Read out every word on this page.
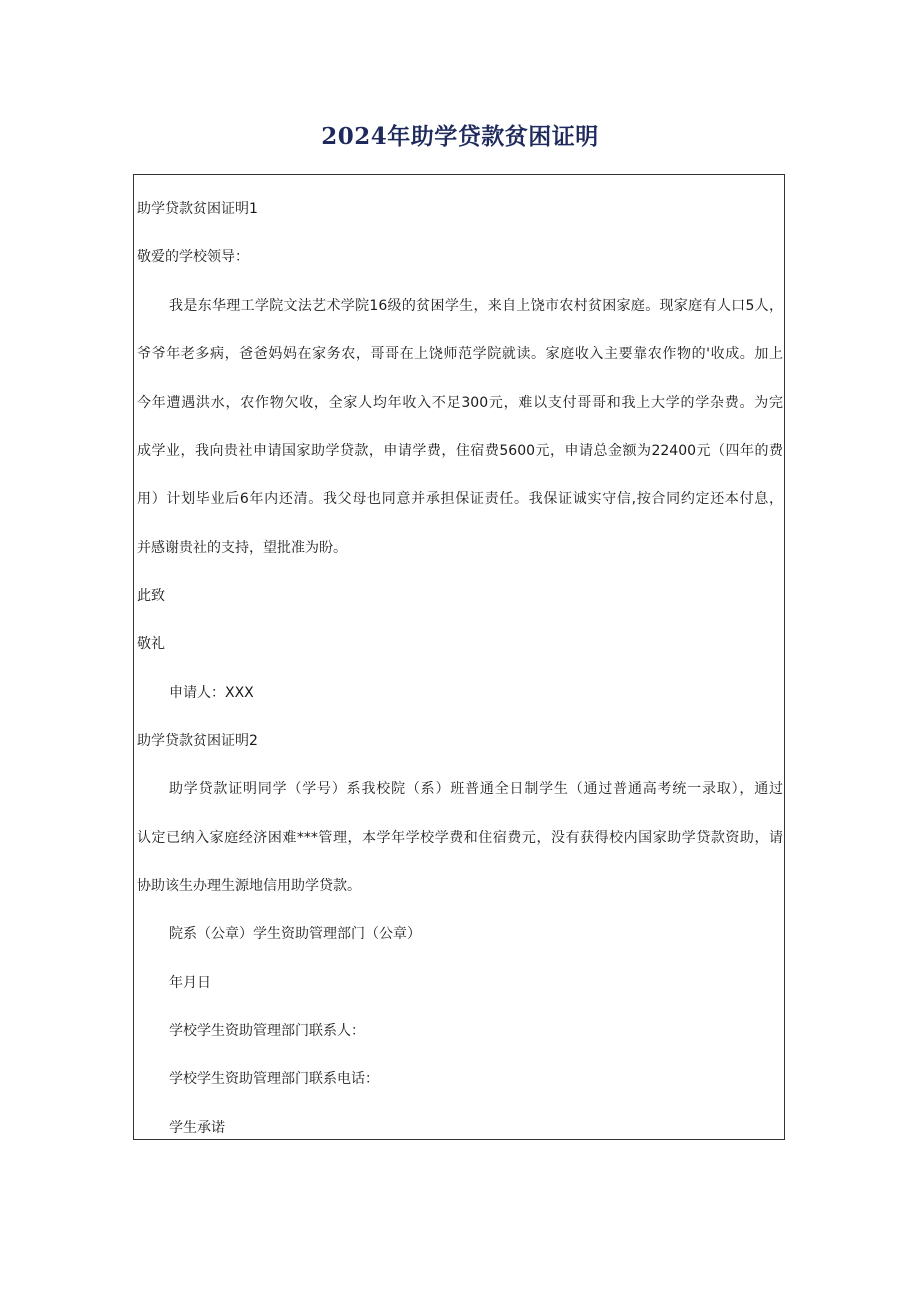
2024年助学贷款贫困证明
助学贷款贫困证明1
敬爱的学校领导：
我是东华理工学院文法艺术学院16级的贫困学生，来自上饶市农村贫困家庭。现家庭有人口5人，
爷爷年老多病，爸爸妈妈在家务农，哥哥在上饶师范学院就读。家庭收入主要靠农作物的'收成。加上
今年遭遇洪水，农作物欠收，全家人均年收入不足300元，难以支付哥哥和我上大学的学杂费。为完
成学业，我向贵社申请国家助学贷款，申请学费，住宿费5600元，申请总金额为22400元（四年的费
用）计划毕业后6年内还清。我父母也同意并承担保证责任。我保证诚实守信,按合同约定还本付息，
并感谢贵社的支持，望批准为盼。
此致
敬礼
申请人：XXX
助学贷款贫困证明2
助学贷款证明同学（学号）系我校院（系）班普通全日制学生（通过普通高考统一录取），通过
认定已纳入家庭经济困难***管理，本学年学校学费和住宿费元，没有获得校内国家助学贷款资助，请
协助该生办理生源地信用助学贷款。
院系（公章）学生资助管理部门（公章）
年月日
学校学生资助管理部门联系人：
学校学生资助管理部门联系电话：
学生承诺
